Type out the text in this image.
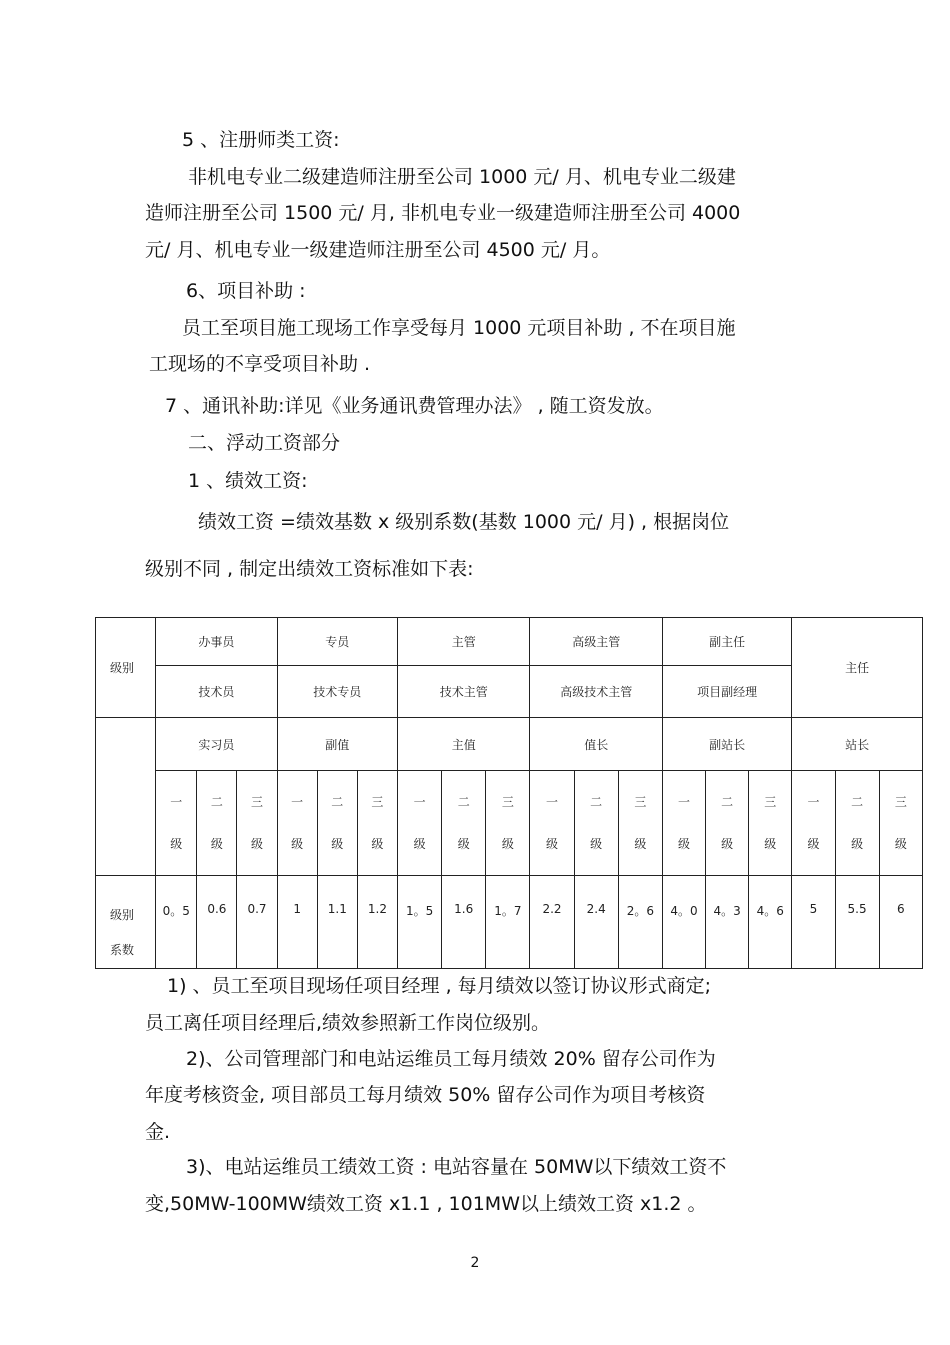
5 、注册师类工资:
非机电专业二级建造师注册至公司 1000 元/ 月、机电专业二级建
造师注册至公司 1500 元/ 月, 非机电专业一级建造师注册至公司 4000
元/ 月、机电专业一级建造师注册至公司 4500 元/ 月。
6、项目补助 :
员工至项目施工现场工作享受每月 1000 元项目补助 , 不在项目施
工现场的不享受项目补助 .
7 、通讯补助:详见《业务通讯费管理办法》 , 随工资发放。
二、浮动工资部分
1 、绩效工资:
绩效工资 =绩效基数 x 级别系数(基数 1000 元/ 月) , 根据岗位
级别不同 , 制定出绩效工资标准如下表:
级别	办事员			专员			主管			高级主管			副主任			主任		
	技术员			技术专员			技术主管			高级技术主管			项目副经理					
	实习员			副值			主值			值长			副站长			站长		

	一
级	二
级	三
级	一
级	二
级	三
级	一
级	二
级	三
级	一
级	二
级	三
级	一
级	二
级	三
级	一
级	二
级	三
级

级别
系数	0。5	0.6	0.7	1	1.1	1.2	1。5	1.6	1。7	2.2	2.4	2。6	4。0	4。3	4。6	5	5.5	6
1) 、员工至项目现场任项目经理 , 每月绩效以签订协议形式商定;
员工离任项目经理后,绩效参照新工作岗位级别。
2)、公司管理部门和电站运维员工每月绩效 20% 留存公司作为
年度考核资金, 项目部员工每月绩效 50% 留存公司作为项目考核资
金.
3)、电站运维员工绩效工资 : 电站容量在 50MW以下绩效工资不
变,50MW-100MW绩效工资 x1.1 , 101MW以上绩效工资 x1.2 。
2
